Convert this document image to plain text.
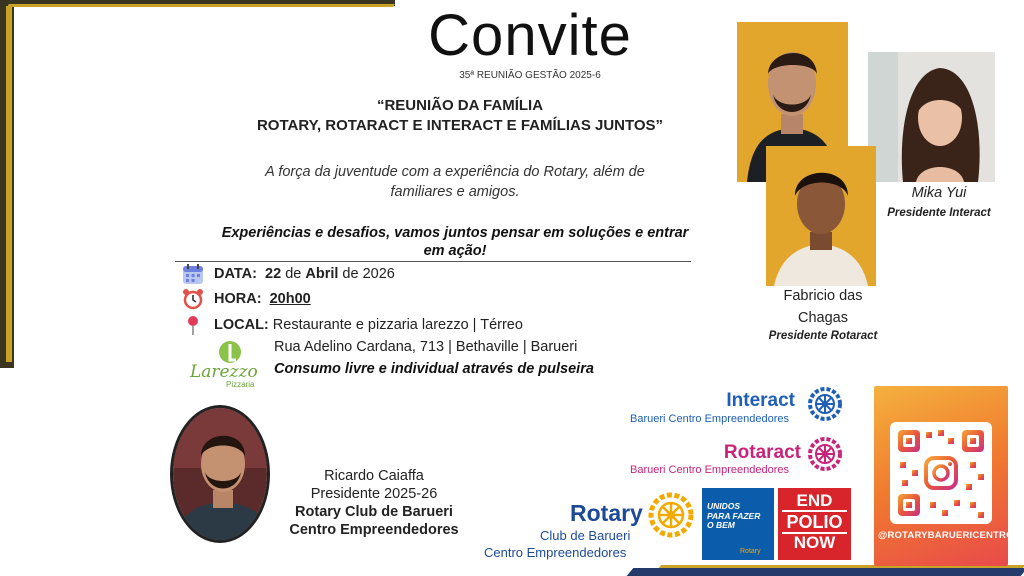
Convite
35ª REUNIÃO GESTÃO 2025-6
“REUNIÃO DA FAMÍLIA
ROTARY, ROTARACT E INTERACT E FAMÍLIAS JUNTOS”
A força da juventude com a experiência do Rotary, além de
familiares e amigos.
Experiências e desafios, vamos juntos pensar em soluções e entrar
em ação!
DATA: 22 de Abril de 2026
HORA: 20h00
LOCAL: Restaurante e pizzaria larezzo | Térreo
Rua Adelino Cardana, 713 | Bethaville | Barueri
Consumo livre e individual através de pulseira
Larezzo
Pizzaria
Mika Yui
Presidente Interact
Fabricio das
Chagas
Presidente Rotaract
Ricardo Caiaffa
Presidente 2025-26
Rotary Club de Barueri
Centro Empreendedores
Interact
Barueri Centro Empreendedores
Rotaract
Barueri Centro Empreendedores
Rotary
Club de Barueri
Centro Empreendedores
UNIDOS
PARA FAZER
O BEM
Rotary
END
POLIO
NOW	@ROTARYBARUERICENTRO
